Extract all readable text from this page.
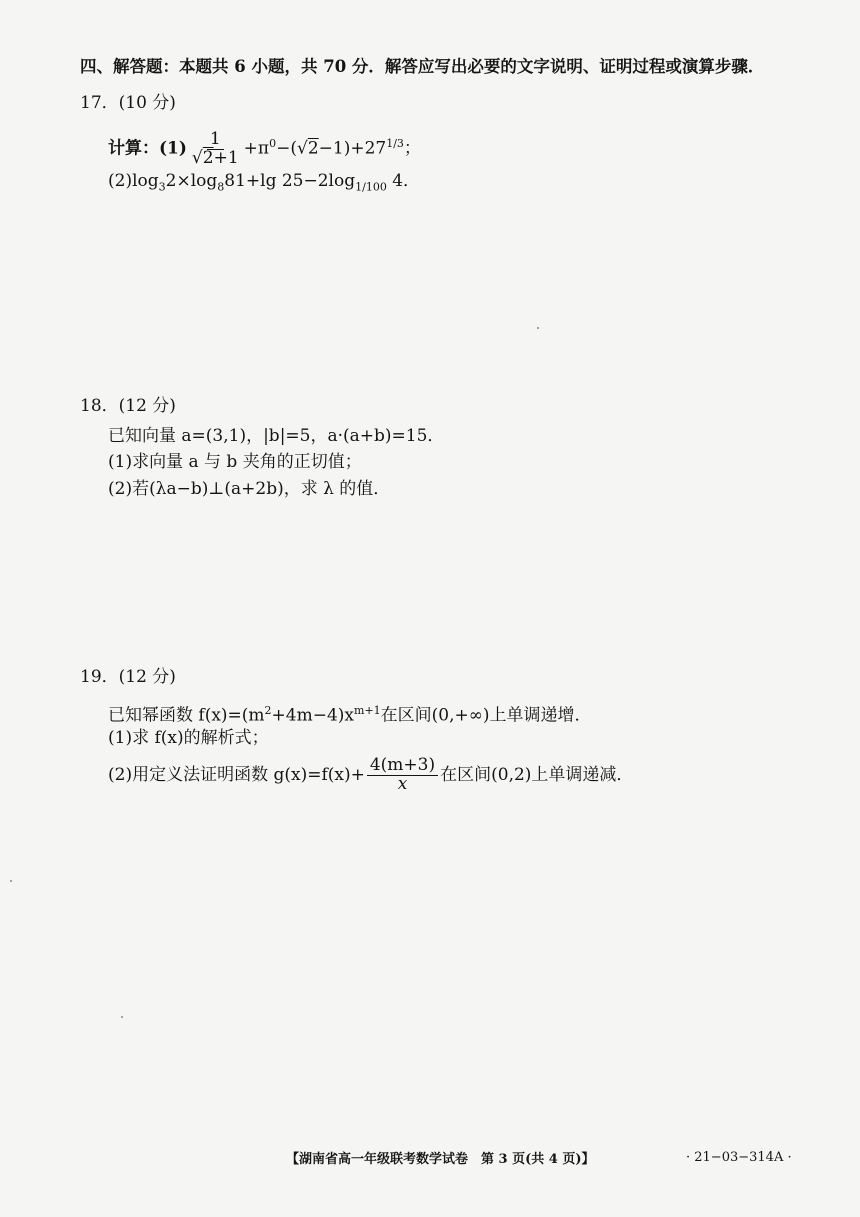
四、解答题：本题共 6 小题，共 70 分．解答应写出必要的文字说明、证明过程或演算步骤．
17．(10 分)
计算：$(1) \frac{1}{√2+1} +\pi^0-(√2-1)+27^{1/3}$；
$(2)\log_32\times\log_881+\lg$ $25-2\log_{1/100}$ 4．
18．(12 分)
已知向量 a=(3,1)，|b|=5，a·(a+b)=15．
(1)求向量 a 与 b 夹角的正切值；
(2)若(λa−b)⊥(a+2b)，求 λ 的值．
19．(12 分)
已知幂函数 $f(x)=(m^2+4m-4)x^{m+1}$在区间(0,+∞)上单调递增．
(1)求 f(x)的解析式；
(2)用定义法证明函数 $g(x)=f(x)+ \frac{4(m+3)}{x}$ 在区间(0,2)上单调递减．
【湖南省高一年级联考数学试卷　第 3 页(共 4 页)】	· 21−03−314A ·
